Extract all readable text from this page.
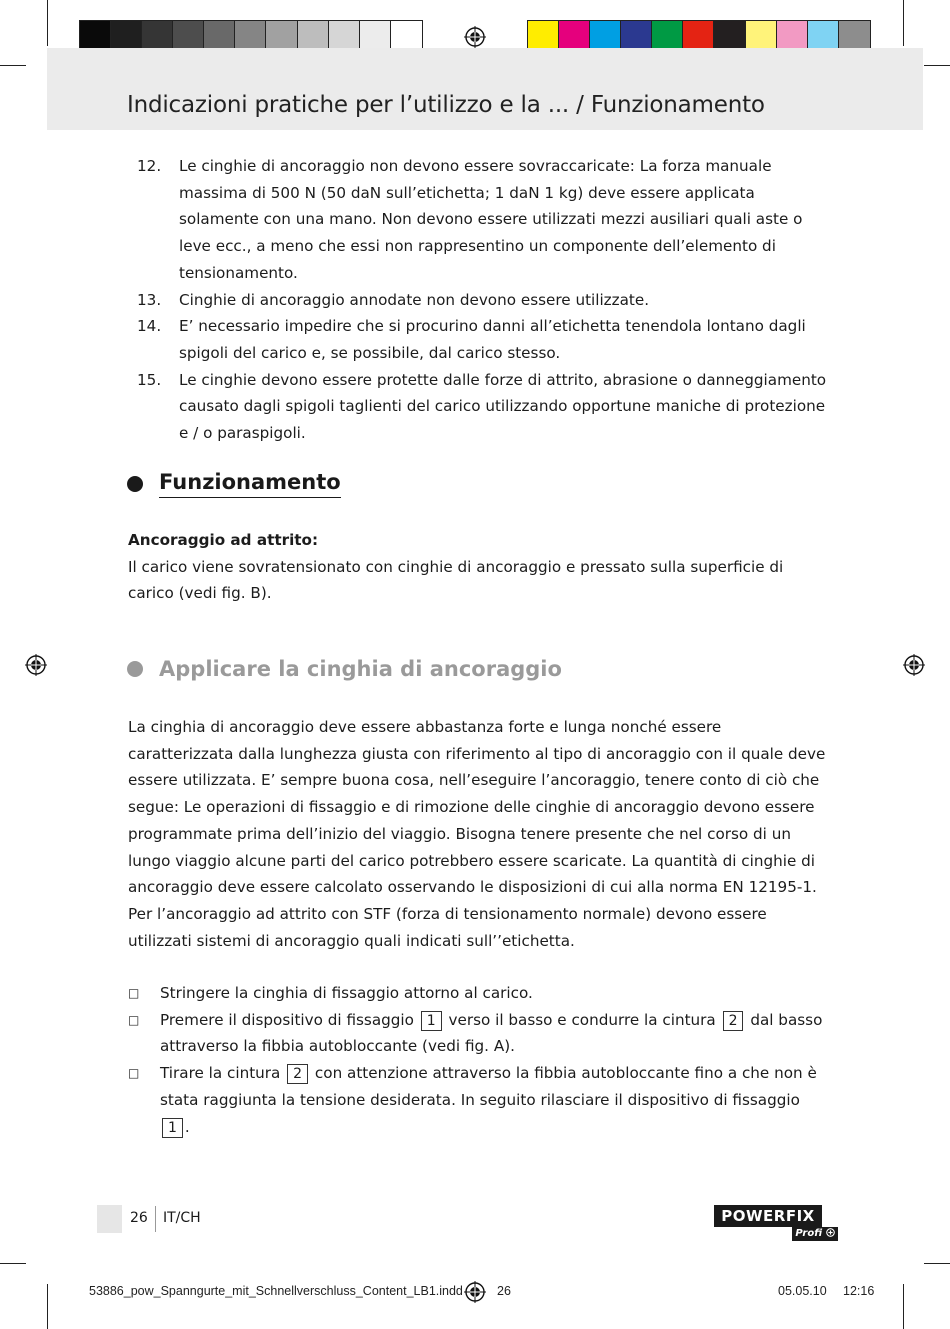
Indicazioni pratiche per l’utilizzo e la ... / Funzionamento
12.	Le cinghie di ancoraggio non devono essere sovraccaricate: La forza manuale massima di 500 N (50 daN sull’etichetta; 1 daN 1 kg) deve essere applicata solamente con una mano. Non devono essere utilizzati mezzi ausiliari quali aste o leve ecc., a meno che essi non rappresentino un componente dell’elemento di tensionamento.
13.	Cinghie di ancoraggio annodate non devono essere utilizzate.
14.	E’ necessario impedire che si procurino danni all’etichetta tenendola lontano dagli spigoli del carico e, se possibile, dal carico stesso.
15.	Le cinghie devono essere protette dalle forze di attrito, abrasione o danneggiamento causato dagli spigoli taglienti del carico utilizzando opportune maniche di protezione e / o paraspigoli.
Funzionamento
Ancoraggio ad attrito:
Il carico viene sovratensionato con cinghie di ancoraggio e pressato sulla superficie di carico (vedi fig. B).
Applicare la cinghia di ancoraggio
La cinghia di ancoraggio deve essere abbastanza forte e lunga nonché essere caratterizzata dalla lunghezza giusta con riferimento al tipo di ancoraggio con il quale deve essere utilizzata. E’ sempre buona cosa, nell’eseguire l’ancoraggio, tenere conto di ciò che segue: Le operazioni di fissaggio e di rimozione delle cinghie di ancoraggio devono essere programmate prima dell’inizio del viaggio. Bisogna tenere presente che nel corso di un lungo viaggio alcune parti del carico potrebbero essere scaricate. La quantità di cinghie di ancoraggio deve essere calcolato osservando le disposizioni di cui alla norma EN 12195-1. Per l’ancoraggio ad attrito con STF (forza di tensionamento normale) devono essere utilizzati sistemi di ancoraggio quali indicati sull’’etichetta.
□	Stringere la cinghia di fissaggio attorno al carico.
□	Premere il dispositivo di fissaggio 1 verso il basso e condurre la cintura 2 dal basso attraverso la fibbia autobloccante (vedi fig. A).
□	Tirare la cintura 2 con attenzione attraverso la fibbia autobloccante fino a che non è stata raggiunta la tensione desiderata. In seguito rilasciare il dispositivo di fissaggio 1 .
26 IT/CH	POWERFIX
Profi
53886_pow_Spanngurte_mit_Schnellverschluss_Content_LB1.indd	26	05.05.10 12:16
